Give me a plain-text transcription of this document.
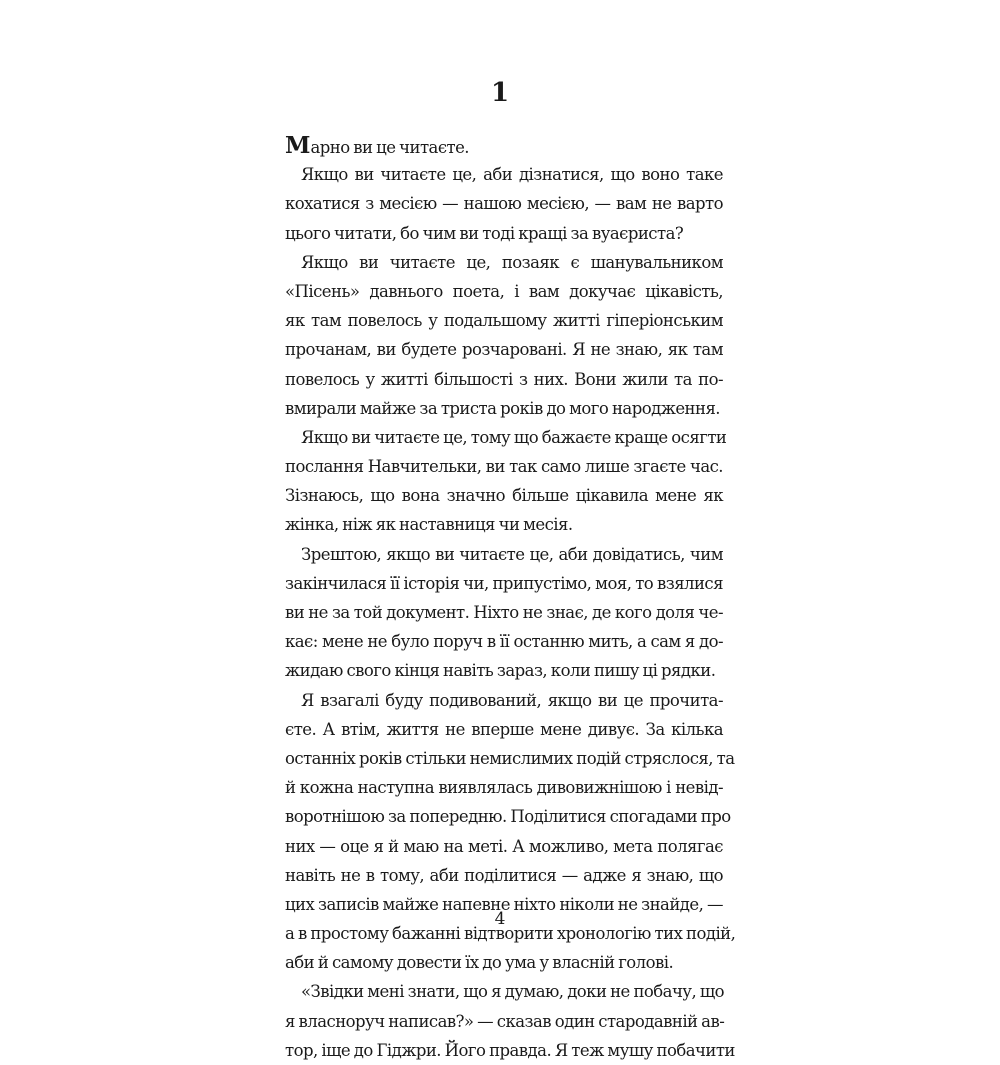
1
Марно ви це читаєте.
Якщо ви читаєте це, аби дізнатися, що воно таке
кохатися з месією — нашою месією, — вам не варто
цього читати, бо чим ви тоді кращі за вуаєриста?
Якщо ви читаєте це, позаяк є шанувальником
«Пісень» давнього поета, і вам докучає цікавість,
як там повелось у подальшому житті гіперіонським
прочанам, ви будете розчаровані. Я не знаю, як там
повелось у житті більшості з них. Вони жили та по-
вмирали майже за триста років до мого народження.
Якщо ви читаєте це, тому що бажаєте краще осягти
послання Навчительки, ви так само лише згаєте час.
Зізнаюсь, що вона значно більше цікавила мене як
жінка, ніж як наставниця чи месія.
Зрештою, якщо ви читаєте це, аби довідатись, чим
закінчилася її історія чи, припустімо, моя, то взялися
ви не за той документ. Ніхто не знає, де кого доля че-
кає: мене не було поруч в її останню мить, а сам я до-
жидаю свого кінця навіть зараз, коли пишу ці рядки.
Я взагалі буду подивований, якщо ви це прочита-
єте. А втім, життя не вперше мене дивує. За кілька
останніх років стільки немислимих подій стряслося, та
й кожна наступна виявлялась дивовижнішою і невід-
воротнішою за попередню. Поділитися спогадами про
них — оце я й маю на меті. А можливо, мета полягає
навіть не в тому, аби поділитися — адже я знаю, що
цих записів майже напевне ніхто ніколи не знайде, —
а в простому бажанні відтворити хронологію тих подій,
аби й самому довести їх до ума у власній голові.
«Звідки мені знати, що я думаю, доки не побачу, що
я власноруч написав?» — сказав один стародавній ав-
тор, іще до Гіджри. Його правда. Я теж мушу побачити
4
